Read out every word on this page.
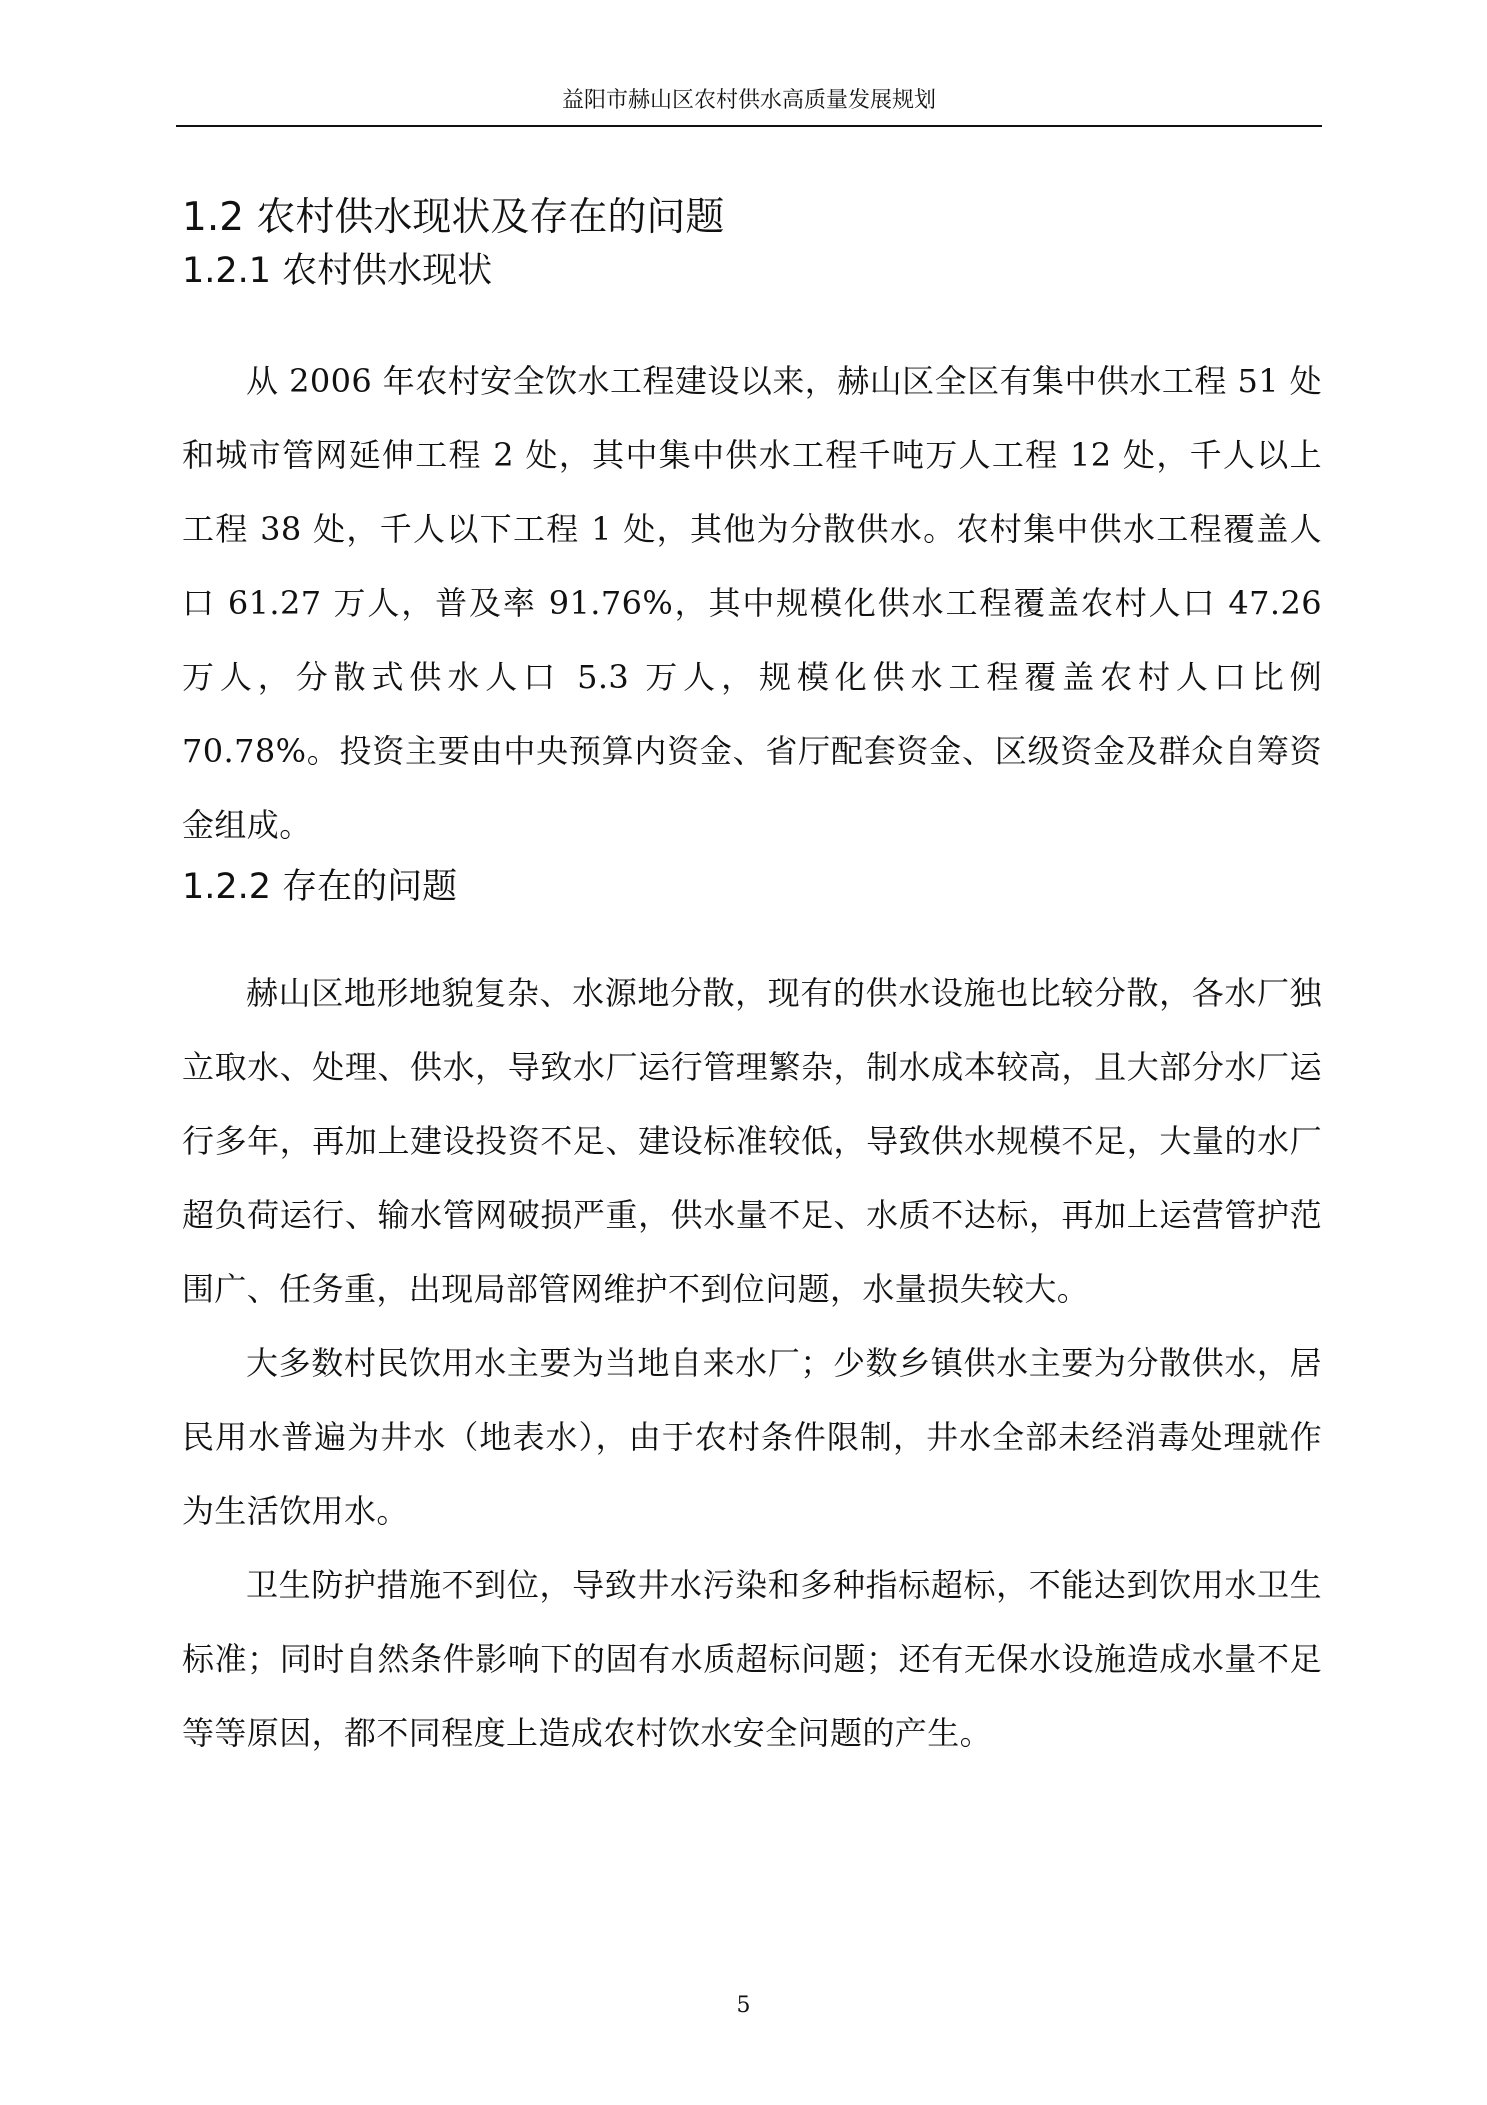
益阳市赫山区农村供水高质量发展规划
1.2 农村供水现状及存在的问题
1.2.1 农村供水现状

从 2006 年农村安全饮水工程建设以来，赫山区全区有集中供水工程 51 处和城市管网延伸工程 2 处，其中集中供水工程千吨万人工程 12 处，千人以上工程 38 处，千人以下工程 1 处，其他为分散供水。农村集中供水工程覆盖人口 61.27 万人，普及率 91.76%，其中规模化供水工程覆盖农村人口 47.26 万人，分散式供水人口 5.3 万人，规模化供水工程覆盖农村人口比例 70.78%。投资主要由中央预算内资金、省厅配套资金、区级资金及群众自筹资金组成。

1.2.2 存在的问题

赫山区地形地貌复杂、水源地分散，现有的供水设施也比较分散，各水厂独立取水、处理、供水，导致水厂运行管理繁杂，制水成本较高，且大部分水厂运行多年，再加上建设投资不足、建设标准较低，导致供水规模不足，大量的水厂超负荷运行、输水管网破损严重，供水量不足、水质不达标，再加上运营管护范围广、任务重，出现局部管网维护不到位问题，水量损失较大。

大多数村民饮用水主要为当地自来水厂；少数乡镇供水主要为分散供水，居民用水普遍为井水（地表水），由于农村条件限制，井水全部未经消毒处理就作为生活饮用水。

卫生防护措施不到位，导致井水污染和多种指标超标，不能达到饮用水卫生标准；同时自然条件影响下的固有水质超标问题；还有无保水设施造成水量不足等等原因，都不同程度上造成农村饮水安全问题的产生。

5
